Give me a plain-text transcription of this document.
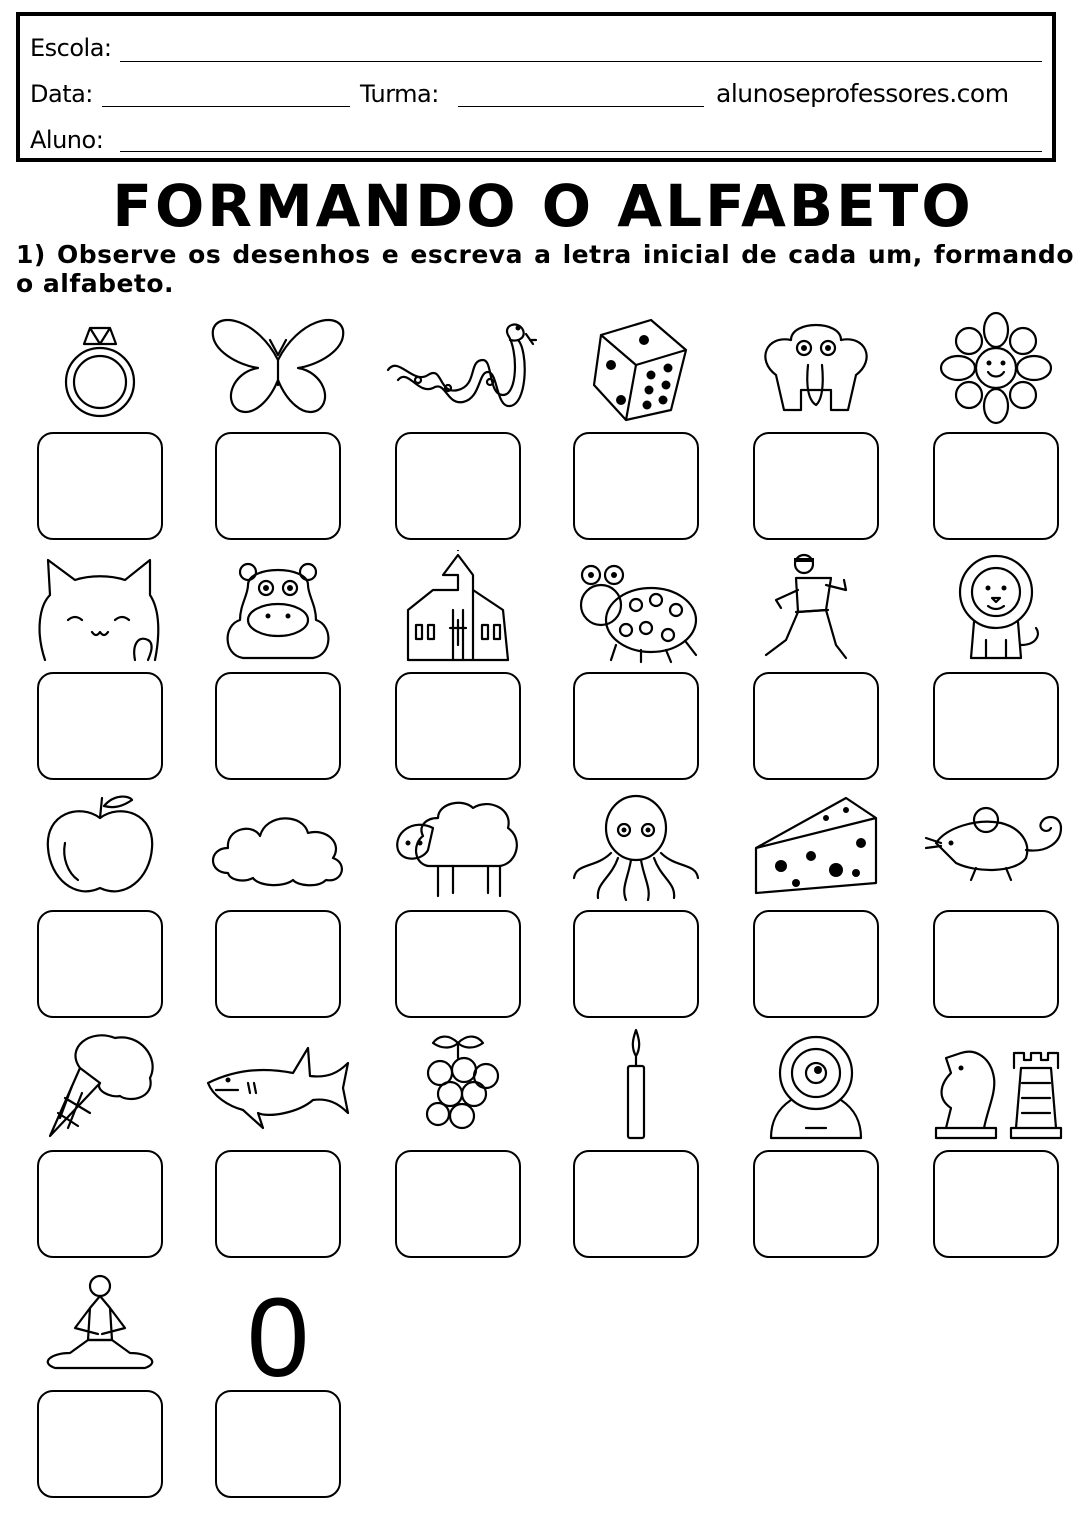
Escola:
Data:	Turma:	alunoseprofessores.com
Aluno:
FORMANDO O ALFABETO
1) Observe os desenhos e escreva a letra inicial de cada um, formando o alfabeto.
0
